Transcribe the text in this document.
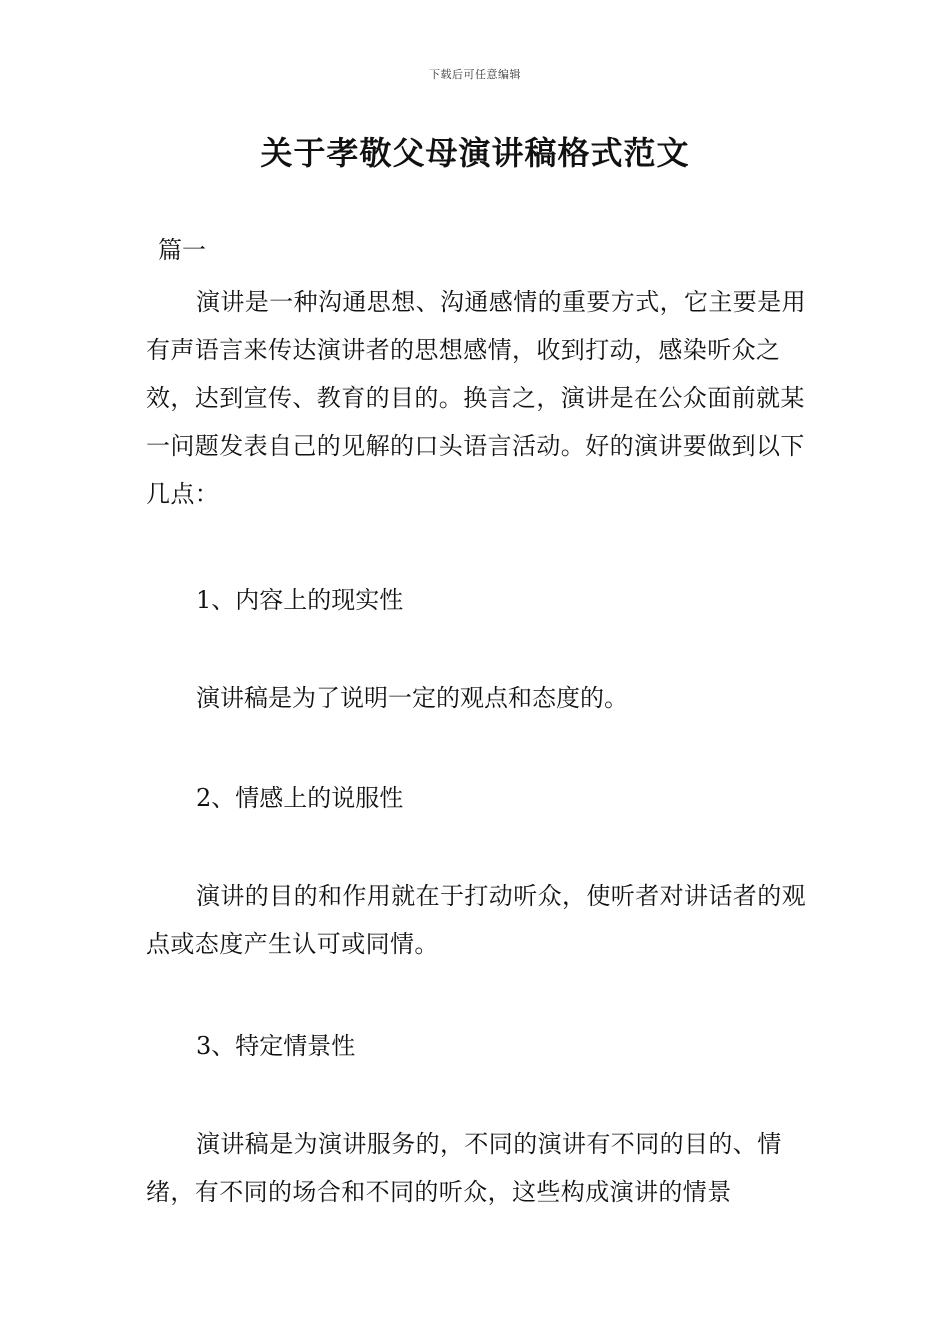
下载后可任意编辑
关于孝敬父母演讲稿格式范文
篇一

演讲是一种沟通思想、沟通感情的重要方式，它主要是用有声语言来传达演讲者的思想感情，收到打动，感染听众之效，达到宣传、教育的目的。换言之，演讲是在公众面前就某一问题发表自己的见解的口头语言活动。好的演讲要做到以下几点：

1、内容上的现实性
演讲稿是为了说明一定的观点和态度的。
2、情感上的说服性

演讲的目的和作用就在于打动听众，使听者对讲话者的观点或态度产生认可或同情。

3、特定情景性

演讲稿是为演讲服务的，不同的演讲有不同的目的、情绪，有不同的场合和不同的听众，这些构成演讲的情景
